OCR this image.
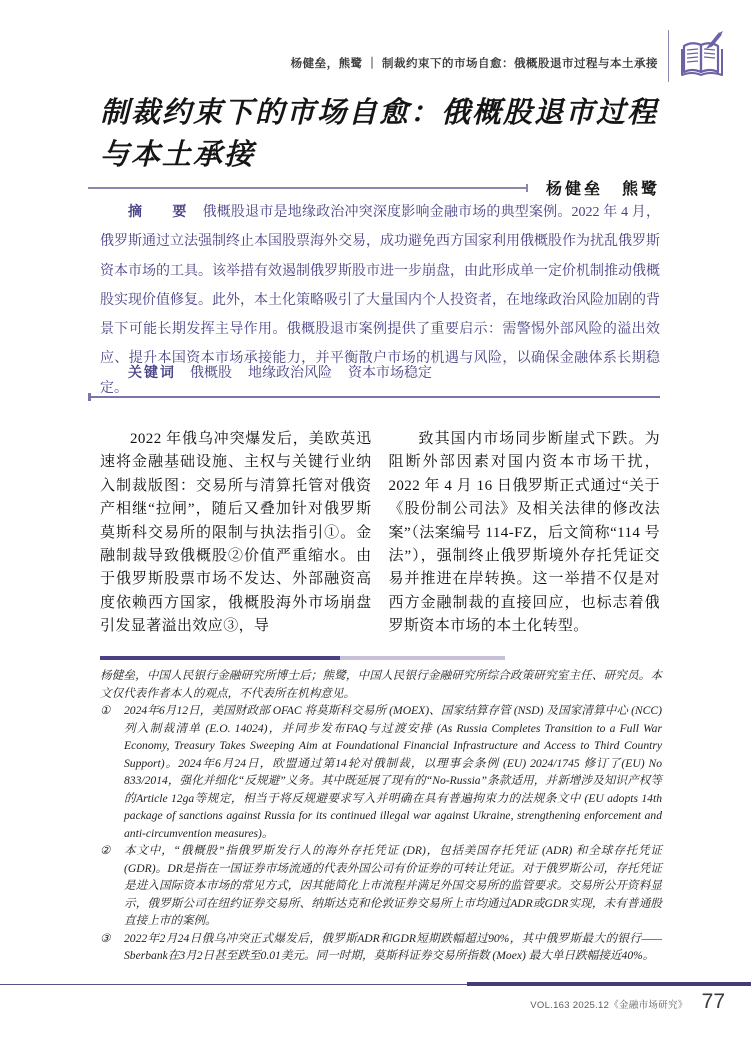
杨健垒，熊鹭 ｜ 制裁约束下的市场自愈：俄概股退市过程与本土承接
制裁约束下的市场自愈：俄概股退市过程
与本土承接
杨健垒　熊鹭

摘　要 俄概股退市是地缘政治冲突深度影响金融市场的典型案例。2022 年 4 月，俄罗斯通过立法强制终止本国股票海外交易，成功避免西方国家利用俄概股作为扰乱俄罗斯资本市场的工具。该举措有效遏制俄罗斯股市进一步崩盘，由此形成单一定价机制推动俄概股实现价值修复。此外，本土化策略吸引了大量国内个人投资者，在地缘政治风险加剧的背景下可能长期发挥主导作用。俄概股退市案例提供了重要启示：需警惕外部风险的溢出效应、提升本国资本市场承接能力，并平衡散户市场的机遇与风险，以确保金融体系长期稳定。

关键词 俄概股 地缘政治风险 资本市场稳定

2022 年俄乌冲突爆发后，美欧英迅速将金融基础设施、主权与关键行业纳入制裁版图：交易所与清算托管对俄资产相继“拉闸”，随后又叠加针对俄罗斯莫斯科交易所的限制与执法指引①。金融制裁导致俄概股②价值严重缩水。由于俄罗斯股票市场不发达、外部融资高度依赖西方国家，俄概股海外市场崩盘引发显著溢出效应③，导

致其国内市场同步断崖式下跌。为阻断外部因素对国内资本市场干扰，2022 年 4 月 16 日俄罗斯正式通过“关于《股份制公司法》及相关法律的修改法案”（法案编号 114-FZ，后文简称“114 号法”），强制终止俄罗斯境外存托凭证交易并推进在岸转换。这一举措不仅是对西方金融制裁的直接回应，也标志着俄罗斯资本市场的本土化转型。

杨健垒，中国人民银行金融研究所博士后；熊鹭，中国人民银行金融研究所综合政策研究室主任、研究员。本文仅代表作者本人的观点，不代表所在机构意见。

①	2024年6月12日，美国财政部 OFAC 将莫斯科交易所 (MOEX)、国家结算存管 (NSD) 及国家清算中心 (NCC) 列入制裁清单 (E.O. 14024)，并同步发布FAQ与过渡安排 (As Russia Completes Transition to a Full War Economy, Treasury Takes Sweeping Aim at Foundational Financial Infrastructure and Access to Third Country Support)。2024年6月24日，欧盟通过第14轮对俄制裁，以理事会条例 (EU) 2024/1745 修订了(EU) No 833/2014，强化并细化“反规避”义务。其中既延展了现有的“No-Russia”条款适用，并新增涉及知识产权等的Article 12ga等规定，相当于将反规避要求写入并明确在具有普遍拘束力的法规条文中 (EU adopts 14th package of sanctions against Russia for its continued illegal war against Ukraine, strengthening enforcement and anti-circumvention measures)。
②	本文中，“俄概股”指俄罗斯发行人的海外存托凭证 (DR)，包括美国存托凭证 (ADR) 和全球存托凭证 (GDR)。DR是指在一国证券市场流通的代表外国公司有价证券的可转让凭证。对于俄罗斯公司，存托凭证是进入国际资本市场的常见方式，因其能简化上市流程并满足外国交易所的监管要求。交易所公开资料显示，俄罗斯公司在纽约证券交易所、纳斯达克和伦敦证券交易所上市均通过ADR或GDR实现，未有普通股直接上市的案例。
③	2022年2月24日俄乌冲突正式爆发后，俄罗斯ADR和GDR短期跌幅超过90%，其中俄罗斯最大的银行——Sberbank在3月2日甚至跌至0.01美元。同一时期，莫斯科证券交易所指数 (Moex) 最大单日跌幅接近40%。
VOL.163 2025.12《金融市场研究》 77
